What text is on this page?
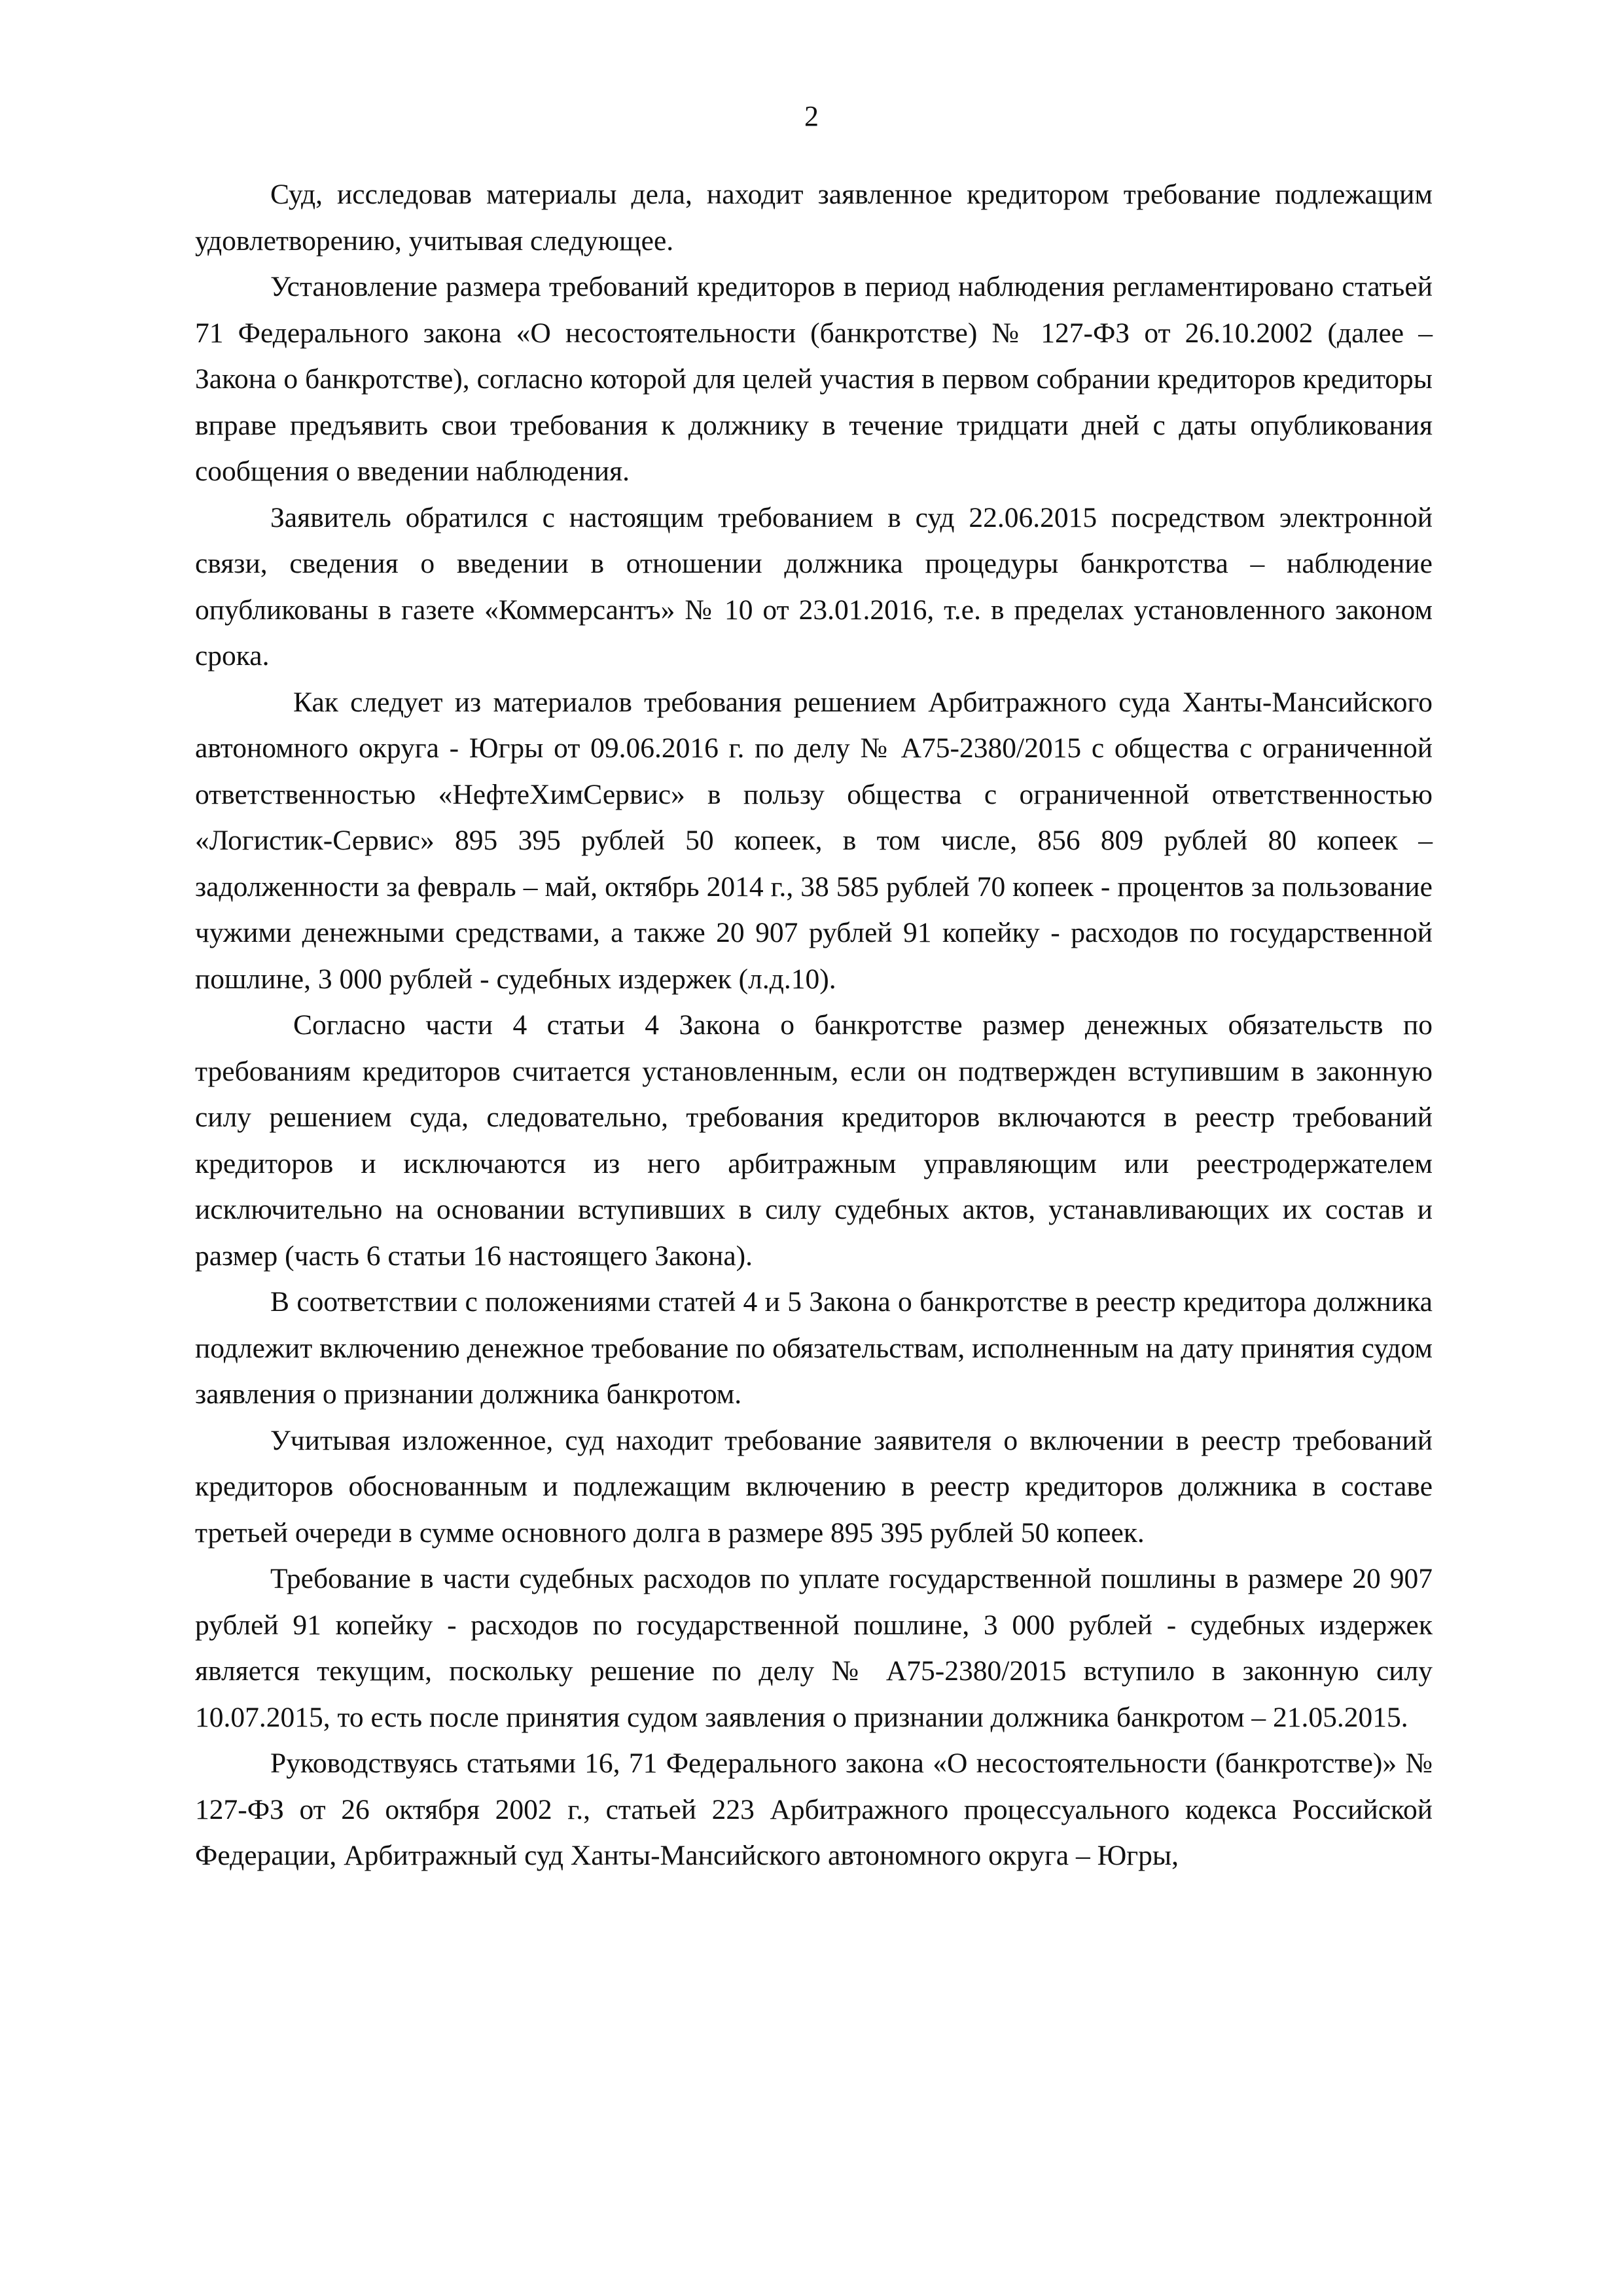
2

Суд, исследовав материалы дела, находит заявленное кредитором требование подлежащим удовлетворению, учитывая следующее.

Установление размера требований кредиторов в период наблюдения регламентировано статьей 71 Федерального закона «О несостоятельности (банкротстве) № 127-ФЗ от 26.10.2002 (далее – Закона о банкротстве), согласно которой для целей участия в первом собрании кредиторов кредиторы вправе предъявить свои требования к должнику в течение тридцати дней с даты опубликования сообщения о введении наблюдения.

Заявитель обратился с настоящим требованием в суд 22.06.2015 посредством электронной связи, сведения о введении в отношении должника процедуры банкротства – наблюдение опубликованы в газете «Коммерсантъ» № 10 от 23.01.2016, т.е. в пределах установленного законом срока.

Как следует из материалов требования решением Арбитражного суда Ханты-Мансийского автономного округа - Югры от 09.06.2016 г. по делу № А75-2380/2015 с общества с ограниченной ответственностью «НефтеХимСервис» в пользу общества с ограниченной ответственностью «Логистик-Сервис» 895 395 рублей 50 копеек, в том числе, 856 809 рублей 80 копеек – задолженности за февраль – май, октябрь 2014 г., 38 585 рублей 70 копеек - процентов за пользование чужими денежными средствами, а также 20 907 рублей 91 копейку - расходов по государственной пошлине, 3 000 рублей - судебных издержек (л.д.10).

Согласно части 4 статьи 4 Закона о банкротстве размер денежных обязательств по требованиям кредиторов считается установленным, если он подтвержден вступившим в законную силу решением суда, следовательно, требования кредиторов включаются в реестр требований кредиторов и исключаются из него арбитражным управляющим или реестродержателем исключительно на основании вступивших в силу судебных актов, устанавливающих их состав и размер (часть 6 статьи 16 настоящего Закона).

В соответствии с положениями статей 4 и 5 Закона о банкротстве в реестр кредитора должника подлежит включению денежное требование по обязательствам, исполненным на дату принятия судом заявления о признании должника банкротом.

Учитывая изложенное, суд находит требование заявителя о включении в реестр требований кредиторов обоснованным и подлежащим включению в реестр кредиторов должника в составе третьей очереди в сумме основного долга в размере 895 395 рублей 50 копеек.

Требование в части судебных расходов по уплате государственной пошлины в размере 20 907 рублей 91 копейку - расходов по государственной пошлине, 3 000 рублей - судебных издержек является текущим, поскольку решение по делу № А75-2380/2015 вступило в законную силу 10.07.2015, то есть после принятия судом заявления о признании должника банкротом – 21.05.2015.

Руководствуясь статьями 16, 71 Федерального закона «О несостоятельности (банкротстве)» № 127-ФЗ от 26 октября 2002 г., статьей 223 Арбитражного процессуального кодекса Российской Федерации, Арбитражный суд Ханты-Мансийского автономного округа – Югры,
